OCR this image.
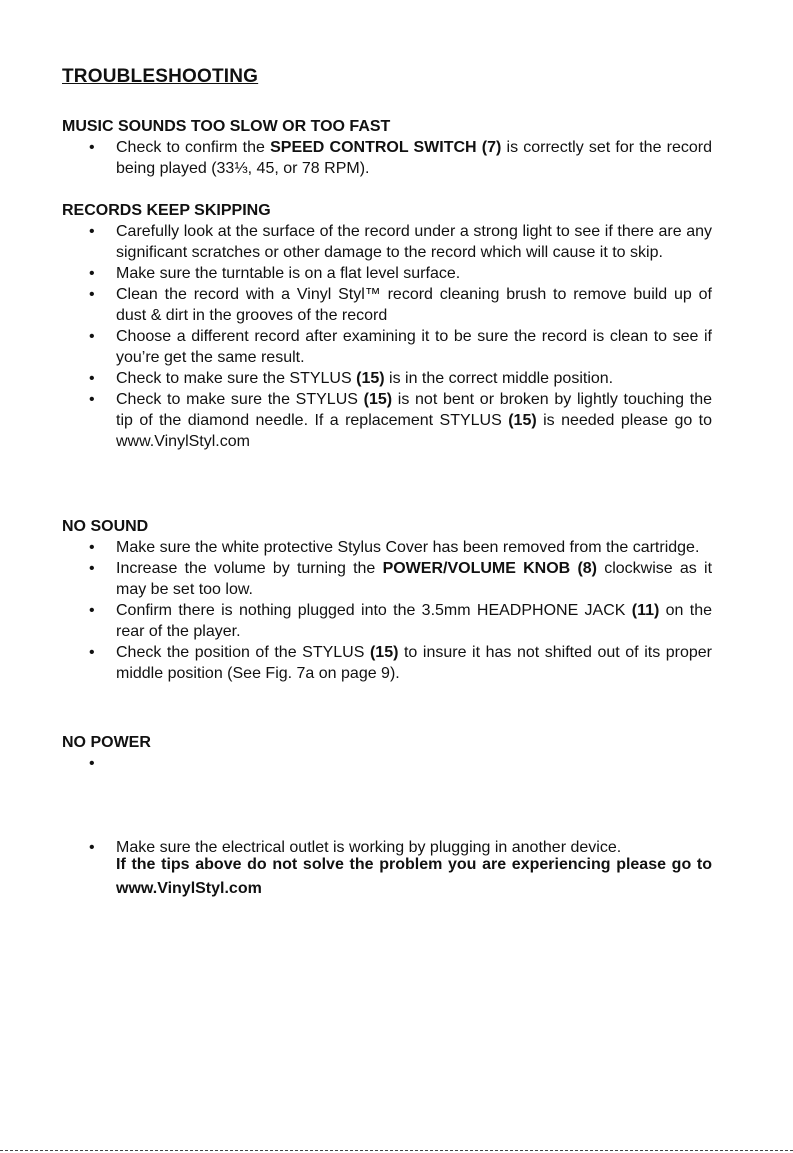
TROUBLESHOOTING

MUSIC SOUNDS TOO SLOW OR TOO FAST

• Check to confirm the SPEED CONTROL SWITCH (7) is correctly set for the record being played (33⅓, 45, or 78 RPM).

RECORDS KEEP SKIPPING

• Carefully look at the surface of the record under a strong light to see if there are any significant scratches or other damage to the record which will cause it to skip.
• Make sure the turntable is on a flat level surface.
• Clean the record with a Vinyl Styl™ record cleaning brush to remove build up of dust & dirt in the grooves of the record
• Choose a different record after examining it to be sure the record is clean to see if you’re get the same result.
• Check to make sure the STYLUS (15) is in the correct middle position.
• Check to make sure the STYLUS (15) is not bent or broken by lightly touching the tip of the diamond needle. If a replacement STYLUS (15) is needed please go to www.VinylStyl.com

NO SOUND

• Make sure the white protective Stylus Cover has been removed from the cartridge.
• Increase the volume by turning the POWER/VOLUME KNOB (8) clockwise as it may be set too low.
• Confirm there is nothing plugged into the 3.5mm HEADPHONE JACK (11) on the rear of the player.
• Check the position of the STYLUS (15) to insure it has not shifted out of its proper middle position (See Fig. 7a on page 9).

NO POWER

•
• Make sure the electrical outlet is working by plugging in another device.

If the tips above do not solve the problem you are experiencing please go to www.VinylStyl.com
